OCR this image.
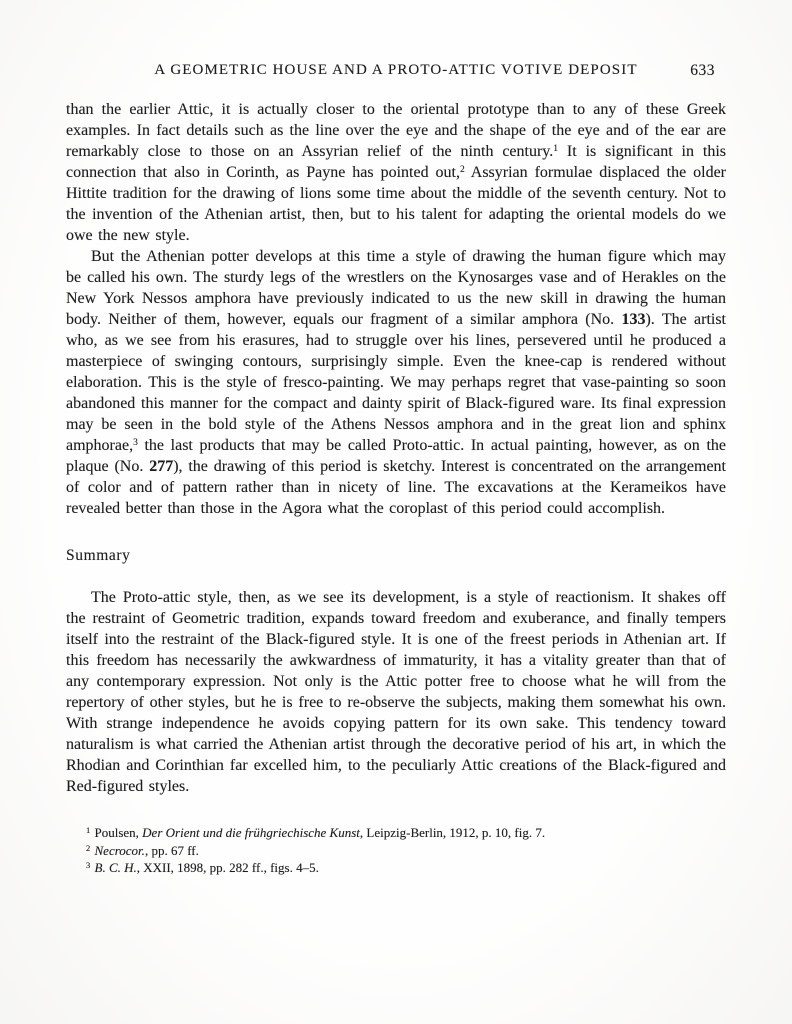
A GEOMETRIC HOUSE AND A PROTO-ATTIC VOTIVE DEPOSIT	633

than the earlier Attic, it is actually closer to the oriental prototype than to any of these Greek examples. In fact details such as the line over the eye and the shape of the eye and of the ear are remarkably close to those on an Assyrian relief of the ninth century.$^1$ It is significant in this connection that also in Corinth, as Payne has pointed out,$^2$ Assyrian formulae displaced the older Hittite tradition for the drawing of lions some time about the middle of the seventh century. Not to the invention of the Athenian artist, then, but to his talent for adapting the oriental models do we owe the new style.

But the Athenian potter develops at this time a style of drawing the human figure which may be called his own. The sturdy legs of the wrestlers on the Kynosarges vase and of Herakles on the New York Nessos amphora have previously indicated to us the new skill in drawing the human body. Neither of them, however, equals our fragment of a similar amphora (No. 133). The artist who, as we see from his erasures, had to struggle over his lines, persevered until he produced a masterpiece of swinging contours, surprisingly simple. Even the knee-cap is rendered without elaboration. This is the style of fresco-painting. We may perhaps regret that vase-painting so soon abandoned this manner for the compact and dainty spirit of Black-figured ware. Its final expression may be seen in the bold style of the Athens Nessos amphora and in the great lion and sphinx amphorae,$^3$ the last products that may be called Proto-attic. In actual painting, however, as on the plaque (No. 277), the drawing of this period is sketchy. Interest is concentrated on the arrangement of color and of pattern rather than in nicety of line. The excavations at the Kerameikos have revealed better than those in the Agora what the coroplast of this period could accomplish.

Summary

The Proto-attic style, then, as we see its development, is a style of reactionism. It shakes off the restraint of Geometric tradition, expands toward freedom and exuberance, and finally tempers itself into the restraint of the Black-figured style. It is one of the freest periods in Athenian art. If this freedom has necessarily the awkwardness of immaturity, it has a vitality greater than that of any contemporary expression. Not only is the Attic potter free to choose what he will from the repertory of other styles, but he is free to re-observe the subjects, making them somewhat his own. With strange independence he avoids copying pattern for its own sake. This tendency toward naturalism is what carried the Athenian artist through the decorative period of his art, in which the Rhodian and Corinthian far excelled him, to the peculiarly Attic creations of the Black-figured and Red-figured styles.

$^1$ Poulsen, Der Orient und die frühgriechische Kunst, Leipzig-Berlin, 1912, p. 10, fig. 7.

$^2$ Necrocor., pp. 67 ff.

$^3$ B. C. H., XXII, 1898, pp. 282 ff., figs. 4–5.
